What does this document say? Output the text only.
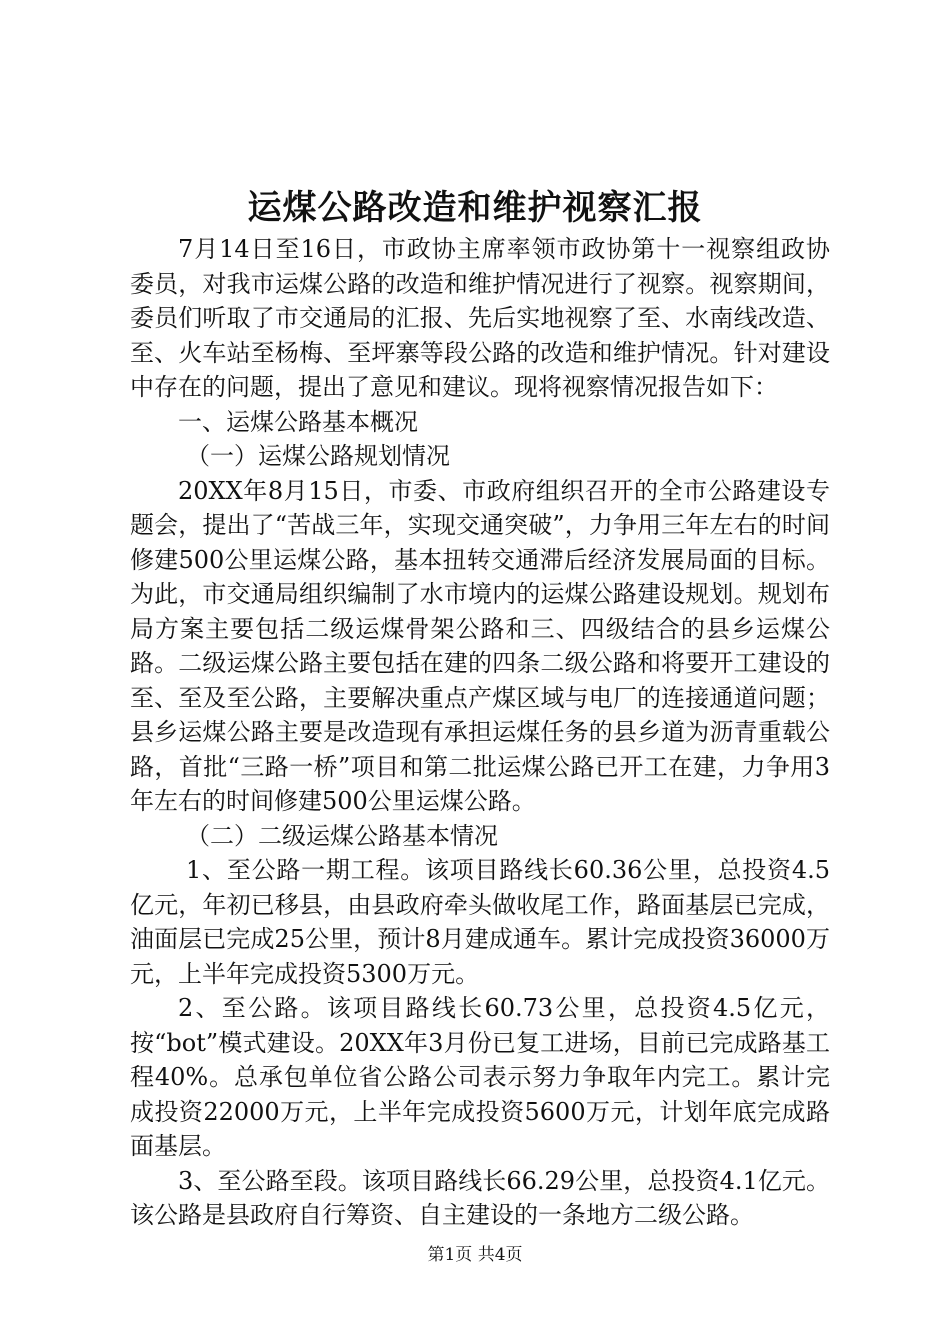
运煤公路改造和维护视察汇报

7月14日至16日，市政协主席率领市政协第十一视察组政协委员，对我市运煤公路的改造和维护情况进行了视察。视察期间，委员们听取了市交通局的汇报、先后实地视察了至、水南线改造、至、火车站至杨梅、至坪寨等段公路的改造和维护情况。针对建设中存在的问题，提出了意见和建议。现将视察情况报告如下：

一、运煤公路基本概况

（一）运煤公路规划情况

20XX年8月15日，市委、市政府组织召开的全市公路建设专题会，提出了“苦战三年，实现交通突破”，力争用三年左右的时间修建500公里运煤公路，基本扭转交通滞后经济发展局面的目标。为此，市交通局组织编制了水市境内的运煤公路建设规划。规划布局方案主要包括二级运煤骨架公路和三、四级结合的县乡运煤公路。二级运煤公路主要包括在建的四条二级公路和将要开工建设的至、至及至公路，主要解决重点产煤区域与电厂的连接通道问题；县乡运煤公路主要是改造现有承担运煤任务的县乡道为沥青重载公路，首批“三路一桥”项目和第二批运煤公路已开工在建，力争用3年左右的时间修建500公里运煤公路。

（二）二级运煤公路基本情况

1、至公路一期工程。该项目路线长60.36公里，总投资4.5亿元，年初已移县，由县政府牵头做收尾工作，路面基层已完成，油面层已完成25公里，预计8月建成通车。累计完成投资36000万元，上半年完成投资5300万元。

2、至公路。该项目路线长60.73公里，总投资4.5亿元，按“bot”模式建设。20XX年3月份已复工进场，目前已完成路基工程40%。总承包单位省公路公司表示努力争取年内完工。累计完成投资22000万元，上半年完成投资5600万元，计划年底完成路面基层。

3、至公路至段。该项目路线长66.29公里，总投资4.1亿元。该公路是县政府自行筹资、自主建设的一条地方二级公路。

第1页 共4页
